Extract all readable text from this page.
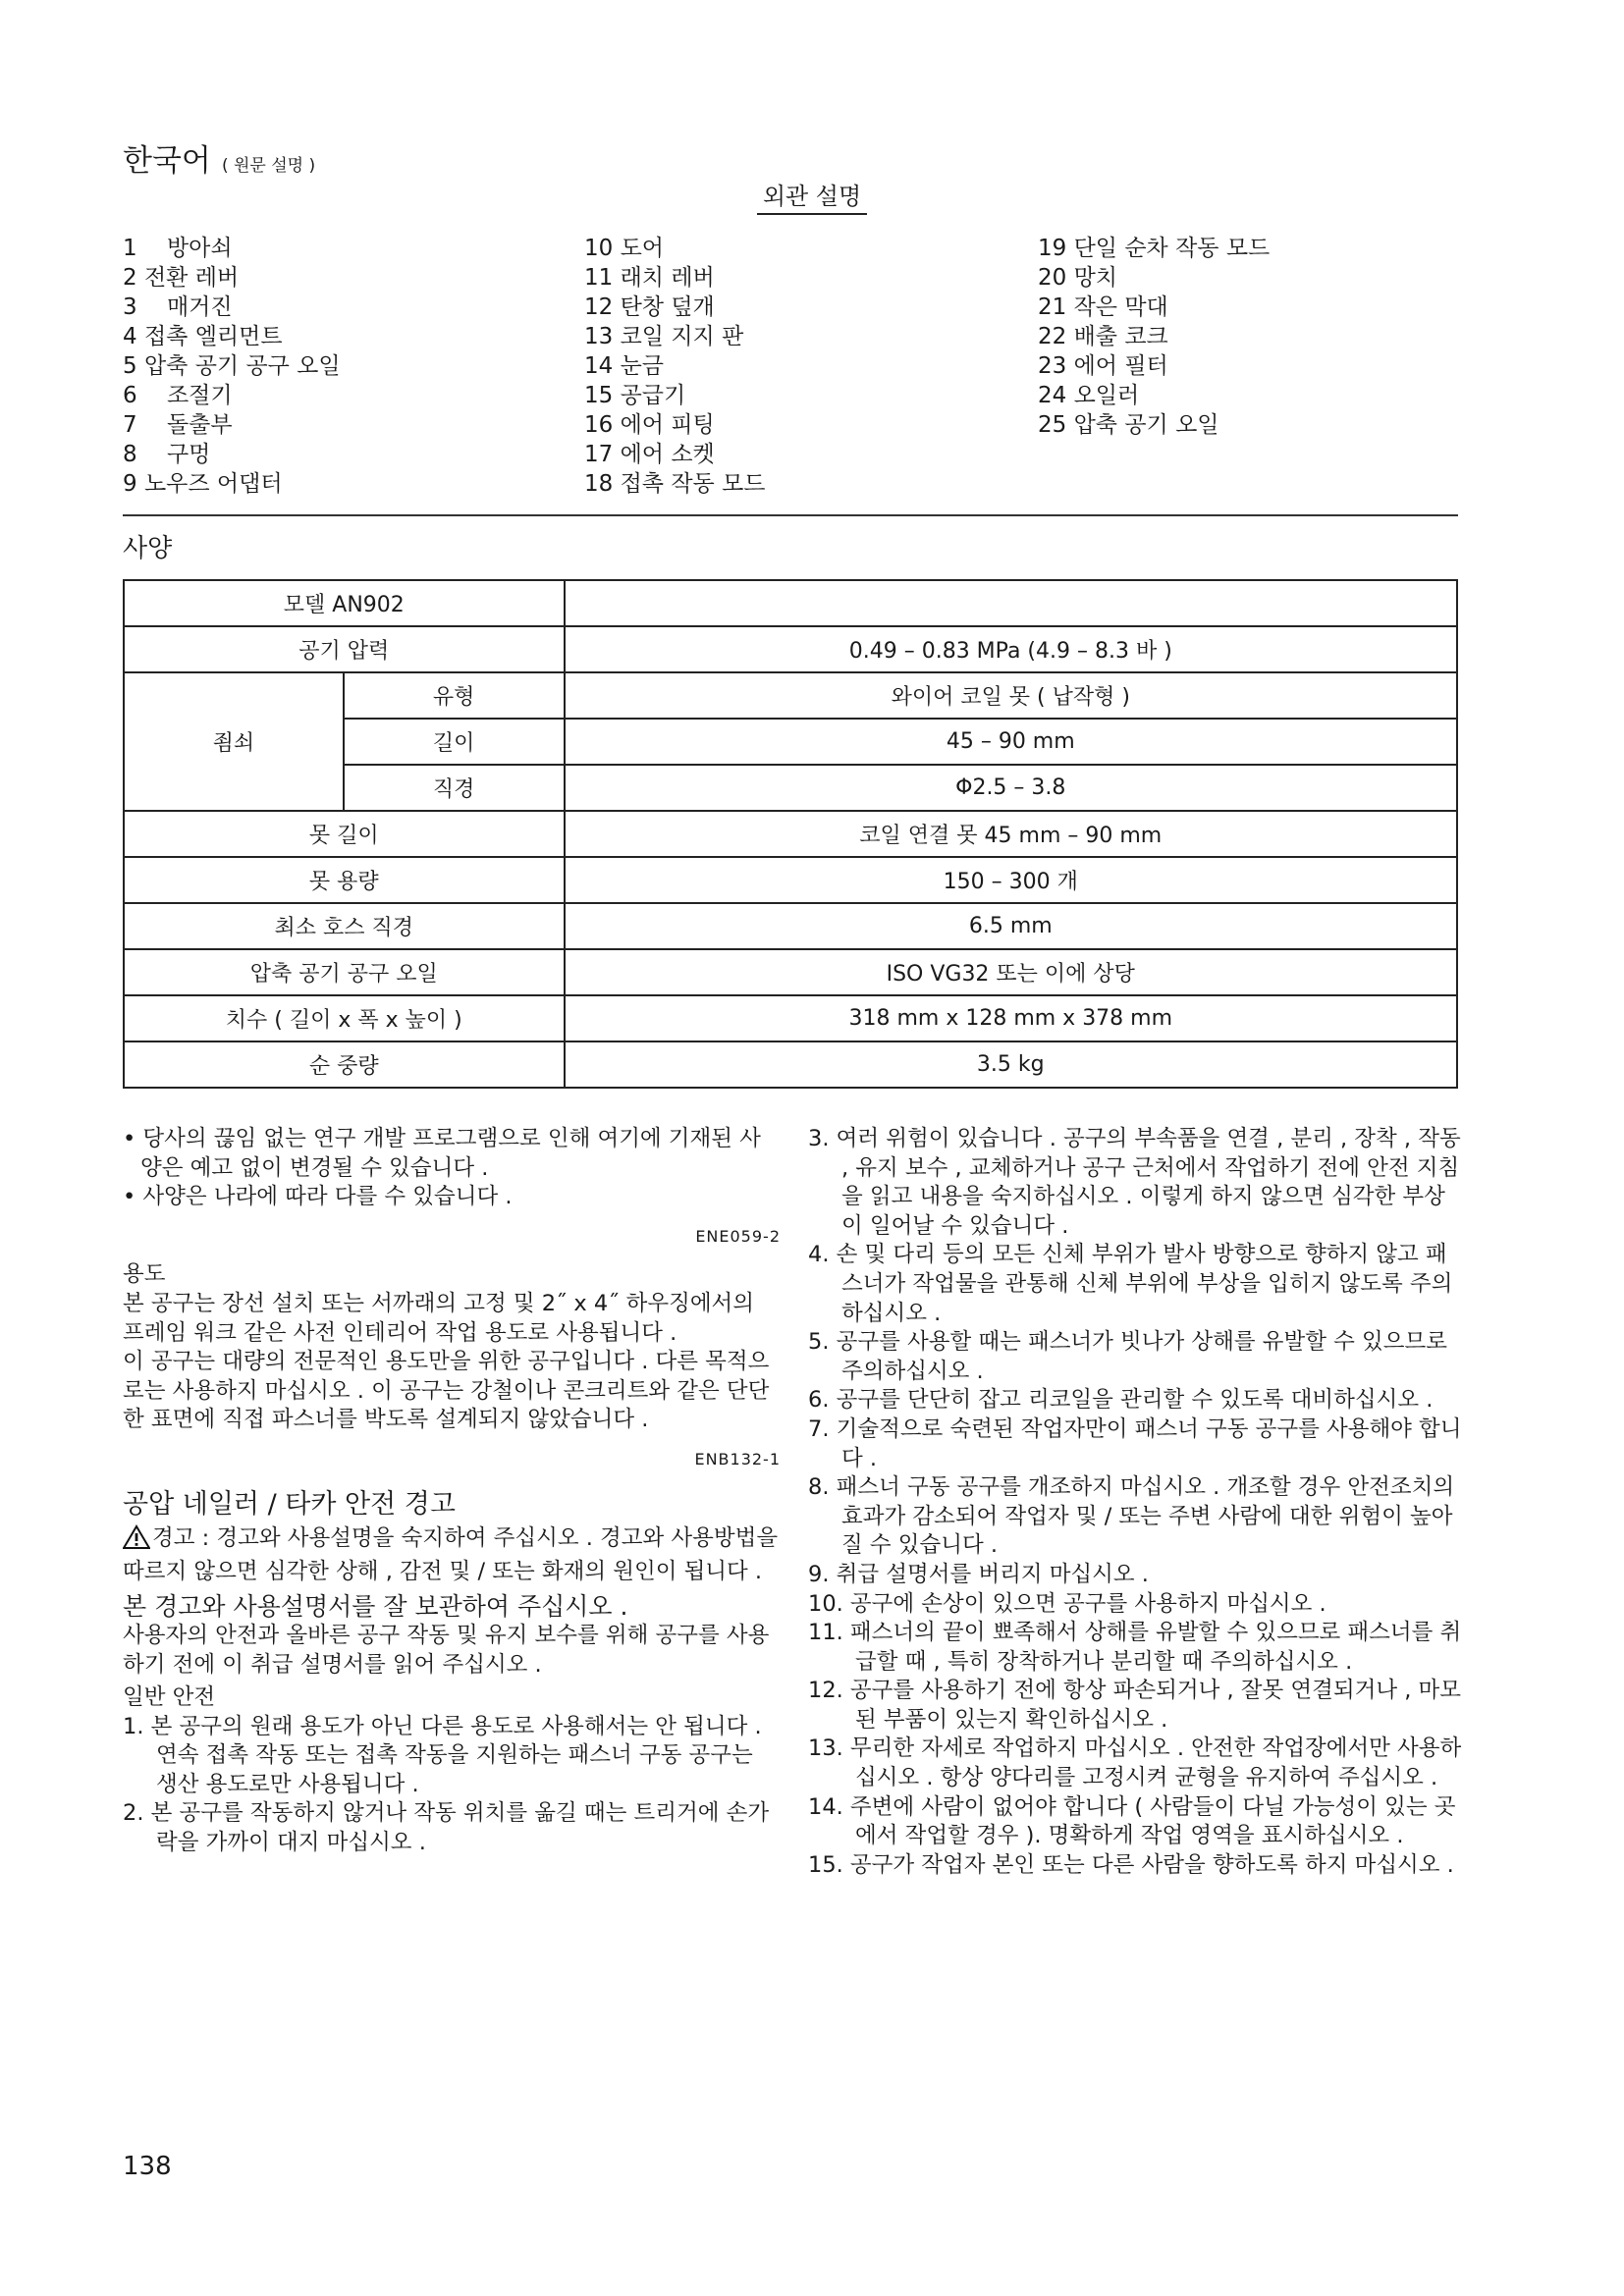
한국어 ( 원문 설명 )
외관 설명
1　 방아쇠
2 전환 레버
3　 매거진
4 접촉 엘리먼트
5 압축 공기 공구 오일
6　 조절기
7　 돌출부
8　 구멍
9 노우즈 어댑터
10 도어
11 래치 레버
12 탄창 덮개
13 코일 지지 판
14 눈금
15 공급기
16 에어 피팅
17 에어 소켓
18 접촉 작동 모드
19 단일 순차 작동 모드
20 망치
21 작은 막대
22 배출 코크
23 에어 필터
24 오일러
25 압축 공기 오일
사양
모델 AN902		
공기 압력		0.49 – 0.83 MPa (4.9 – 8.3 바 )
죔쇠	유형	와이어 코일 못 ( 납작형 )
	길이	45 – 90 mm
	직경	Φ2.5 – 3.8
못 길이		코일 연결 못 45 mm – 90 mm
못 용량		150 – 300 개
최소 호스 직경		6.5 mm
압축 공기 공구 오일		ISO VG32 또는 이에 상당
치수 ( 길이 x 폭 x 높이 )		318 mm x 128 mm x 378 mm
순 중량		3.5 kg

• 당사의 끊임 없는 연구 개발 프로그램으로 인해 여기에 기재된 사양은 예고 없이 변경될 수 있습니다 .

• 사양은 나라에 따라 다를 수 있습니다 .

ENE059-2

용도

본 공구는 장선 설치 또는 서까래의 고정 및 2˝ x 4˝ 하우징에서의 프레임 워크 같은 사전 인테리어 작업 용도로 사용됩니다 .

이 공구는 대량의 전문적인 용도만을 위한 공구입니다 . 다른 목적으로는 사용하지 마십시오 . 이 공구는 강철이나 콘크리트와 같은 단단한 표면에 직접 파스너를 박도록 설계되지 않았습니다 .

ENB132-1

공압 네일러 / 타카 안전 경고

경고 : 경고와 사용설명을 숙지하여 주십시오 . 경고와 사용방법을 따르지 않으면 심각한 상해 , 감전 및 / 또는 화재의 원인이 됩니다 .

본 경고와 사용설명서를 잘 보관하여 주십시오 .

사용자의 안전과 올바른 공구 작동 및 유지 보수를 위해 공구를 사용하기 전에 이 취급 설명서를 읽어 주십시오 .

일반 안전

1. 본 공구의 원래 용도가 아닌 다른 용도로 사용해서는 안 됩니다 . 연속 접촉 작동 또는 접촉 작동을 지원하는 패스너 구동 공구는 생산 용도로만 사용됩니다 .

2. 본 공구를 작동하지 않거나 작동 위치를 옮길 때는 트리거에 손가락을 가까이 대지 마십시오 .

3. 여러 위험이 있습니다 . 공구의 부속품을 연결 , 분리 , 장착 , 작동 , 유지 보수 , 교체하거나 공구 근처에서 작업하기 전에 안전 지침을 읽고 내용을 숙지하십시오 . 이렇게 하지 않으면 심각한 부상이 일어날 수 있습니다 .

4. 손 및 다리 등의 모든 신체 부위가 발사 방향으로 향하지 않고 패스너가 작업물을 관통해 신체 부위에 부상을 입히지 않도록 주의하십시오 .

5. 공구를 사용할 때는 패스너가 빗나가 상해를 유발할 수 있으므로 주의하십시오 .

6. 공구를 단단히 잡고 리코일을 관리할 수 있도록 대비하십시오 .

7. 기술적으로 숙련된 작업자만이 패스너 구동 공구를 사용해야 합니다 .

8. 패스너 구동 공구를 개조하지 마십시오 . 개조할 경우 안전조치의 효과가 감소되어 작업자 및 / 또는 주변 사람에 대한 위험이 높아질 수 있습니다 .

9. 취급 설명서를 버리지 마십시오 .

10. 공구에 손상이 있으면 공구를 사용하지 마십시오 .

11. 패스너의 끝이 뾰족해서 상해를 유발할 수 있으므로 패스너를 취급할 때 , 특히 장착하거나 분리할 때 주의하십시오 .

12. 공구를 사용하기 전에 항상 파손되거나 , 잘못 연결되거나 , 마모된 부품이 있는지 확인하십시오 .

13. 무리한 자세로 작업하지 마십시오 . 안전한 작업장에서만 사용하십시오 . 항상 양다리를 고정시켜 균형을 유지하여 주십시오 .

14. 주변에 사람이 없어야 합니다 ( 사람들이 다닐 가능성이 있는 곳에서 작업할 경우 ). 명확하게 작업 영역을 표시하십시오 .

15. 공구가 작업자 본인 또는 다른 사람을 향하도록 하지 마십시오 .

138
